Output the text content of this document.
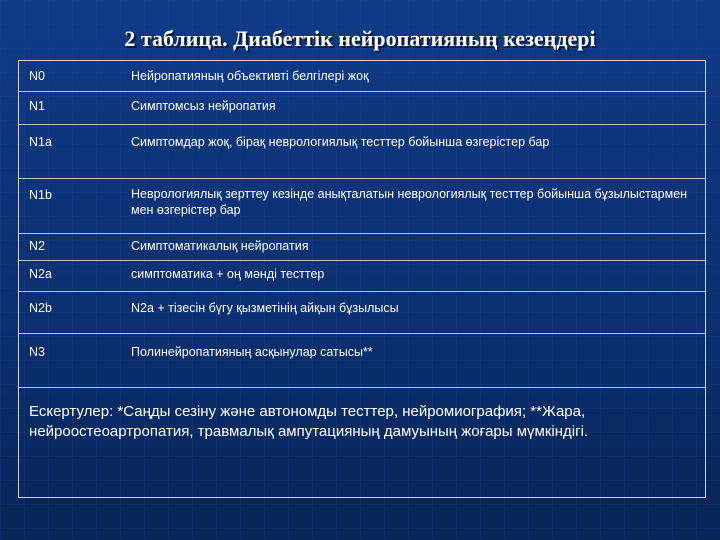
2 таблица. Диабеттік нейропатияның кезеңдері
N0	Нейропатияның объективті белгілері жоқ
N1	Симптомсыз нейропатия
N1a	Симптомдар жоқ, бірақ неврологиялық тесттер бойынша өзгерістер бар
N1b	Неврологиялық зерттеу кезінде анықталатын неврологиялық тесттер бойынша бұзылыстармен мен өзгерістер бар
N2	Симптоматикалық нейропатия
N2a	симптоматика + оң мәнді тесттер
N2b	N2a + тізесін бүгу қызметінің айқын бұзылысы
N3	Полинейропатияның асқынулар сатысы**
Ескертулер: *Саңды сезіну және автономды тесттер, нейромиография; **Жара, нейроостеоартропатия, травмалық ампутацияның дамуының жоғары мүмкіндігі.
